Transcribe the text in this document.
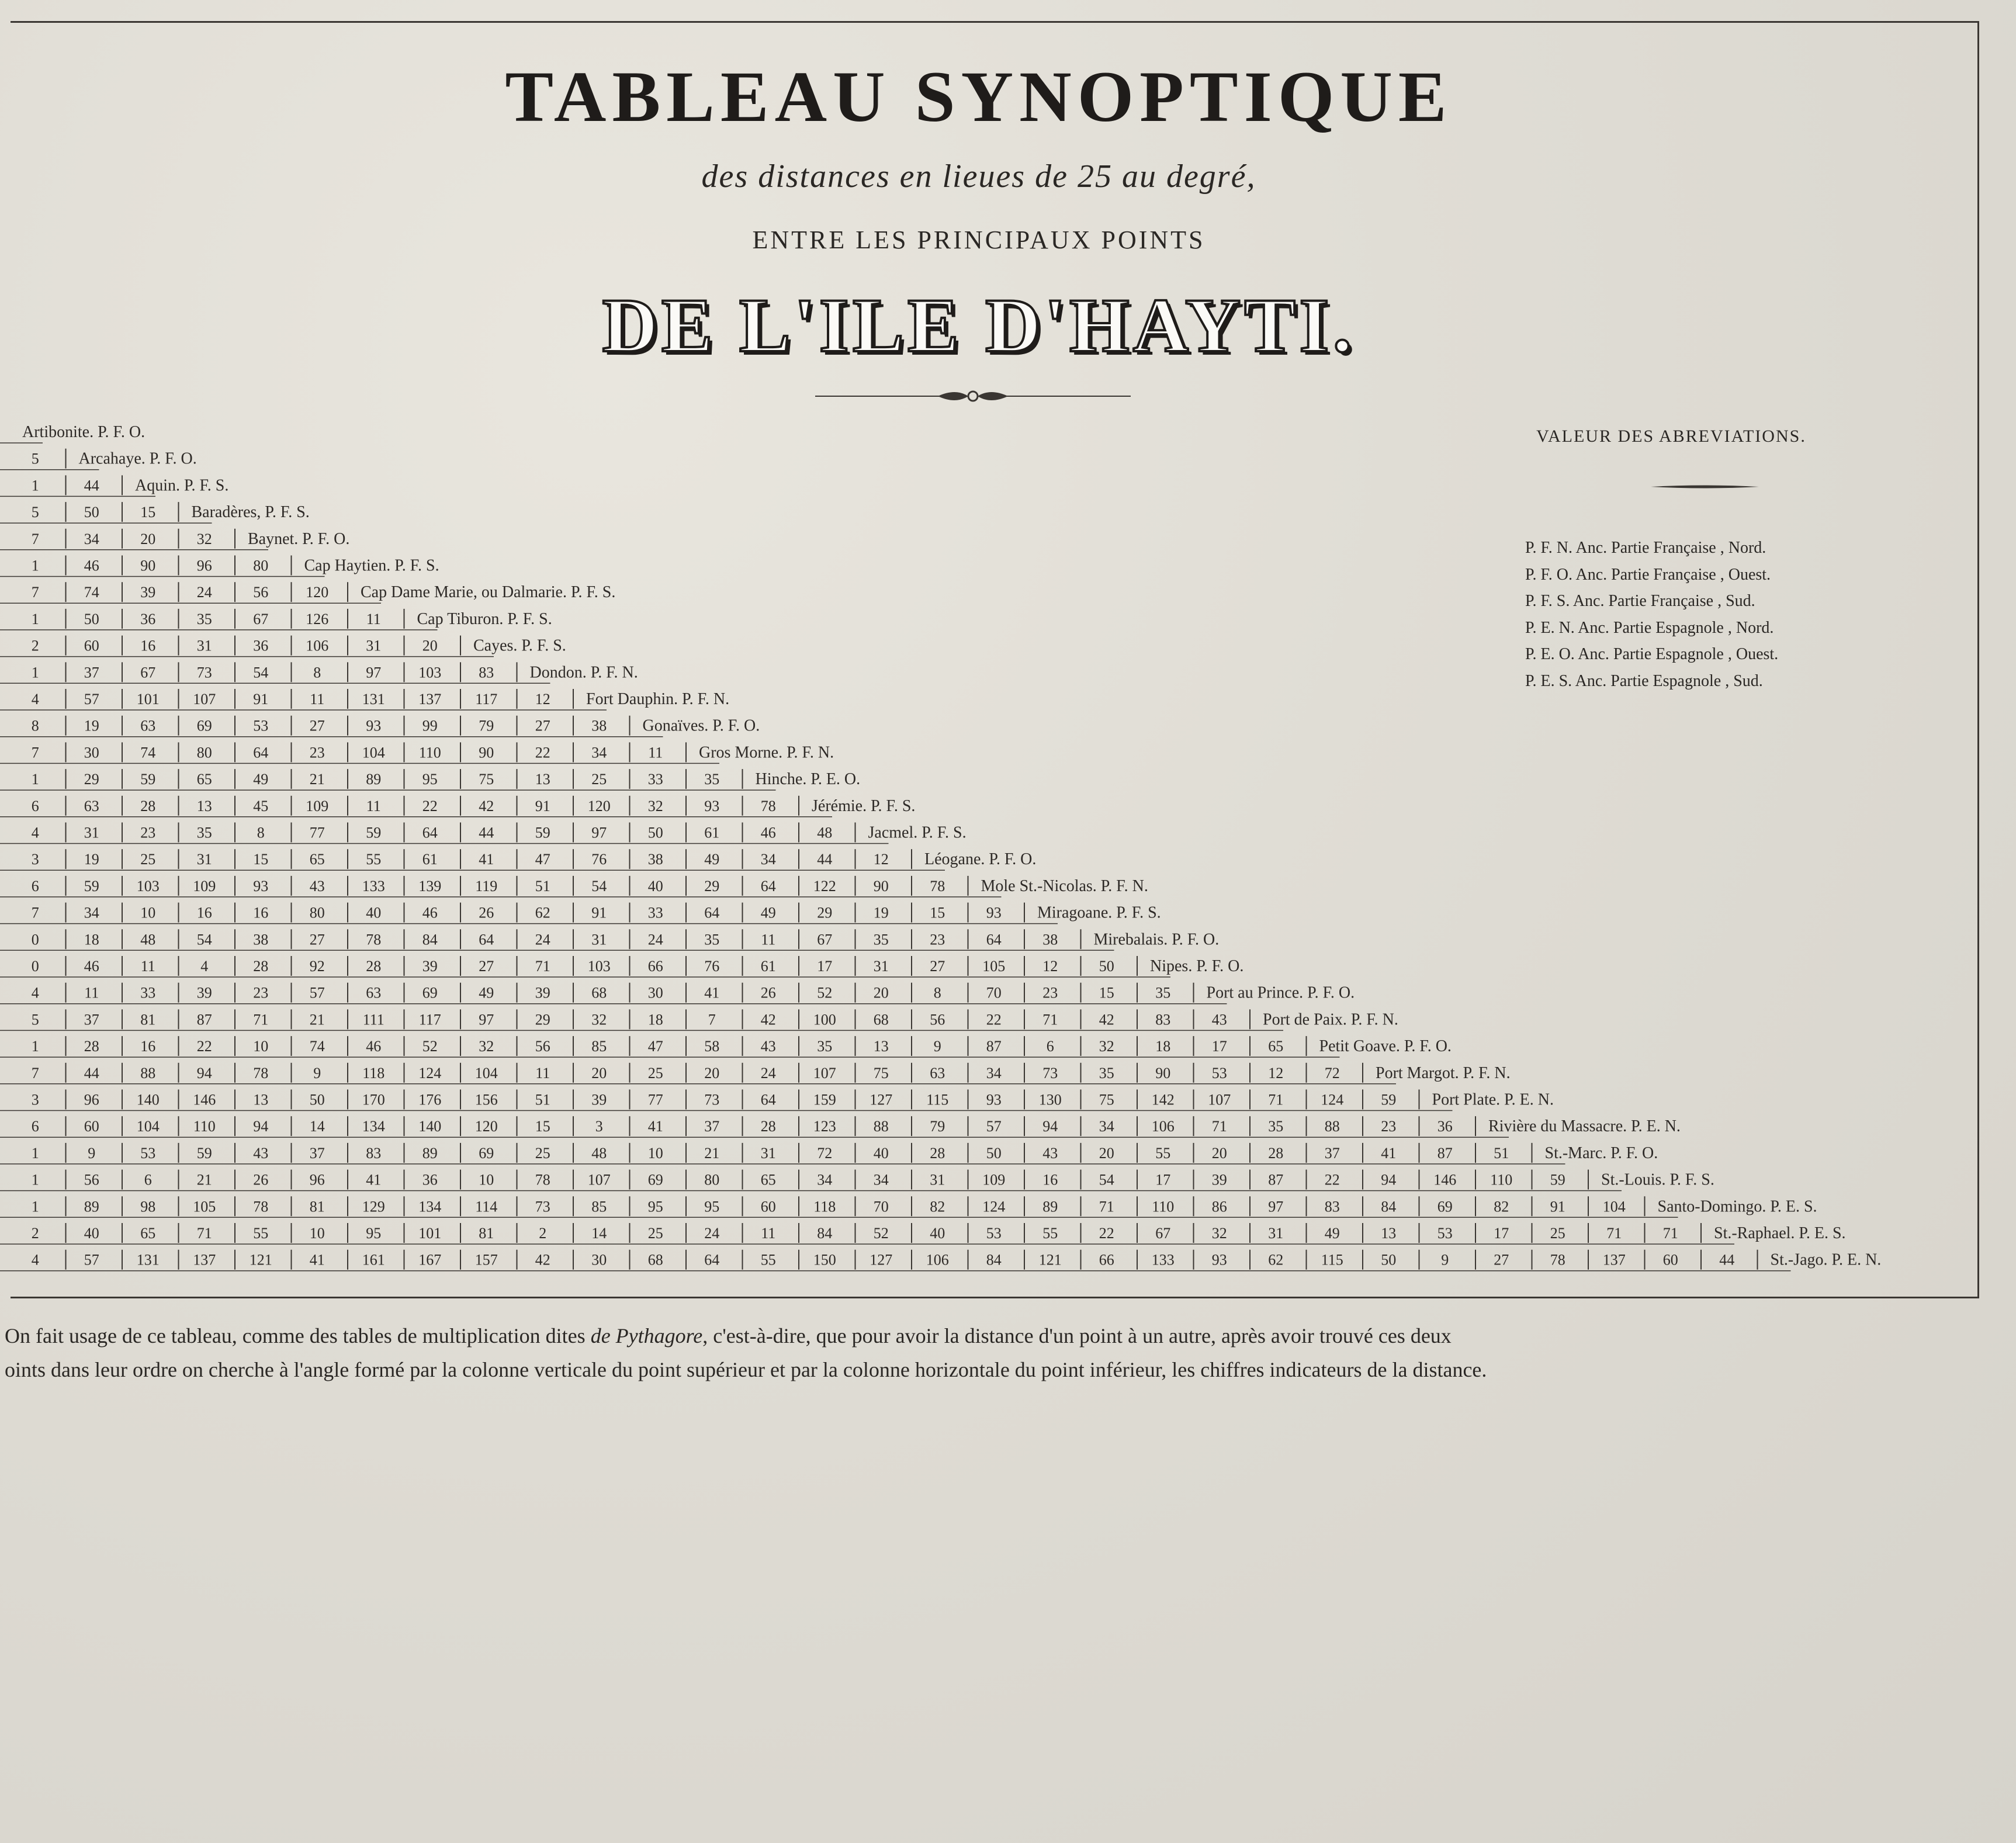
TABLEAU SYNOPTIQUE
des distances en lieues de 25 au degré,
ENTRE LES PRINCIPAUX POINTS
DE L'ILE D'HAYTI.
VALEUR DES ABREVIATIONS.
P. F. N. Anc. Partie Française , Nord.
P. F. O. Anc. Partie Française , Ouest.
P. F. S. Anc. Partie Française , Sud.
P. E. N. Anc. Partie Espagnole , Nord.
P. E. O. Anc. Partie Espagnole , Ouest.
P. E. S. Anc. Partie Espagnole , Sud.
Artibonite. P. F. O.
5 Arcahaye. P. F. O.
1	44 Aquin. P. F. S.
5	50	15 Baradères, P. F. S.
7	34	20	32 Baynet. P. F. O.
1	46	90	96	80 Cap Haytien. P. F. S.
7	74	39	24	56 120 Cap Dame Marie, ou Dalmarie. P. F. S.
1	50	36	35	67 126 11 Cap Tiburon. P. F. S.
2	60	16	31	36 106 31	20 Cayes. P. F. S.
1	37	67	73	54	8	97 103 83 Dondon. P. F. N.
4	57 101 107 91	11 131 137 117 12 Fort Dauphin. P. F. N.
8	19	63	69	53	27	93	99	79	27	38 Gonaïves. P. F. O.
7	30	74	80	64	23 104 110 90	22	34	11 Gros Morne. P. F. N.
1	29	59	65	49	21	89	95	75	13	25	33	35 Hinche. P. E. O.
6	63	28	13	45 109 11	22	42	91 120 32	93	78 Jérémie. P. F. S.
4	31	23	35	8	77	59	64	44	59	97	50	61	46	48 Jacmel. P. F. S.
3	19	25	31	15	65	55	61	41	47	76	38	49	34	44	12 Léogane. P. F. O.
6	59 103 109 93	43 133 139 119 51	54	40	29	64 122 90	78 Mole St.-Nicolas. P. F. N.
7	34	10	16	16	80	40	46	26	62	91	33	64	49	29	19	15	93 Miragoane. P. F. S.
0	18	48	54	38	27	78	84	64	24	31	24	35	11	67	35	23	64	38 Mirebalais. P. F. O.
0	46	11	4	28	92	28	39	27	71 103 66	76	61	17	31	27 105 12	50 Nipes. P. F. O.
4	11	33	39	23	57	63	69	49	39	68	30	41	26	52	20	8	70	23	15	35 Port au Prince. P. F. O.
5	37	81	87	71	21 111 117 97	29	32	18	7	42 100 68	56	22	71	42	83	43 Port de Paix. P. F. N.
1	28	16	22	10	74	46	52	32	56	85	47	58	43	35	13	9	87	6	32	18	17	65 Petit Goave. P. F. O.
7	44	88	94	78	9	118 124 104 11	20	25	20	24 107 75	63	34	73	35	90	53	12	72 Port Margot. P. F. N.
3	96 140 146 13	50 170 176 156 51	39	77	73	64 159 127 115 93 130 75 142 107 71 124 59 Port Plate. P. E. N.
6	60 104 110 94	14 134 140 120 15	3	41	37	28 123 88	79	57	94	34 106 71	35	88	23	36 Rivière du Massacre. P. E. N.
1	9	53	59	43	37	83	89	69	25	48	10	21	31	72	40	28	50	43	20	55	20	28	37	41	87	51 St.-Marc. P. F. O.
1	56	6	21	26	96	41	36	10	78 107 69	80	65	34	34	31 109 16	54	17	39	87	22	94 146 110 59 St.-Louis. P. F. S.
1	89	98 105 78	81 129 134 114 73	85	95	95	60 118 70	82 124 89	71 110 86	97	83	84	69	82	91 104 Santo-Domingo. P. E. S.
2	40	65	71	55	10	95 101 81	2	14	25	24	11	84	52	40	53	55	22	67	32	31	49	13	53	17	25	71	71 St.-Raphael. P. E. S.
4	57 131 137 121 41 161 167 157 42	30	68	64	55 150 127 106 84 121 66 133 93	62 115 50	9	27	78 137 60	44 St.-Jago. P. E. N.
On fait usage de ce tableau, comme des tables de multiplication dites de Pythagore, c'est-à-dire, que pour avoir la distance d'un point à un autre, après avoir trouvé ces deux
oints dans leur ordre on cherche à l'angle formé par la colonne verticale du point supérieur et par la colonne horizontale du point inférieur, les chiffres indicateurs de la distance.
